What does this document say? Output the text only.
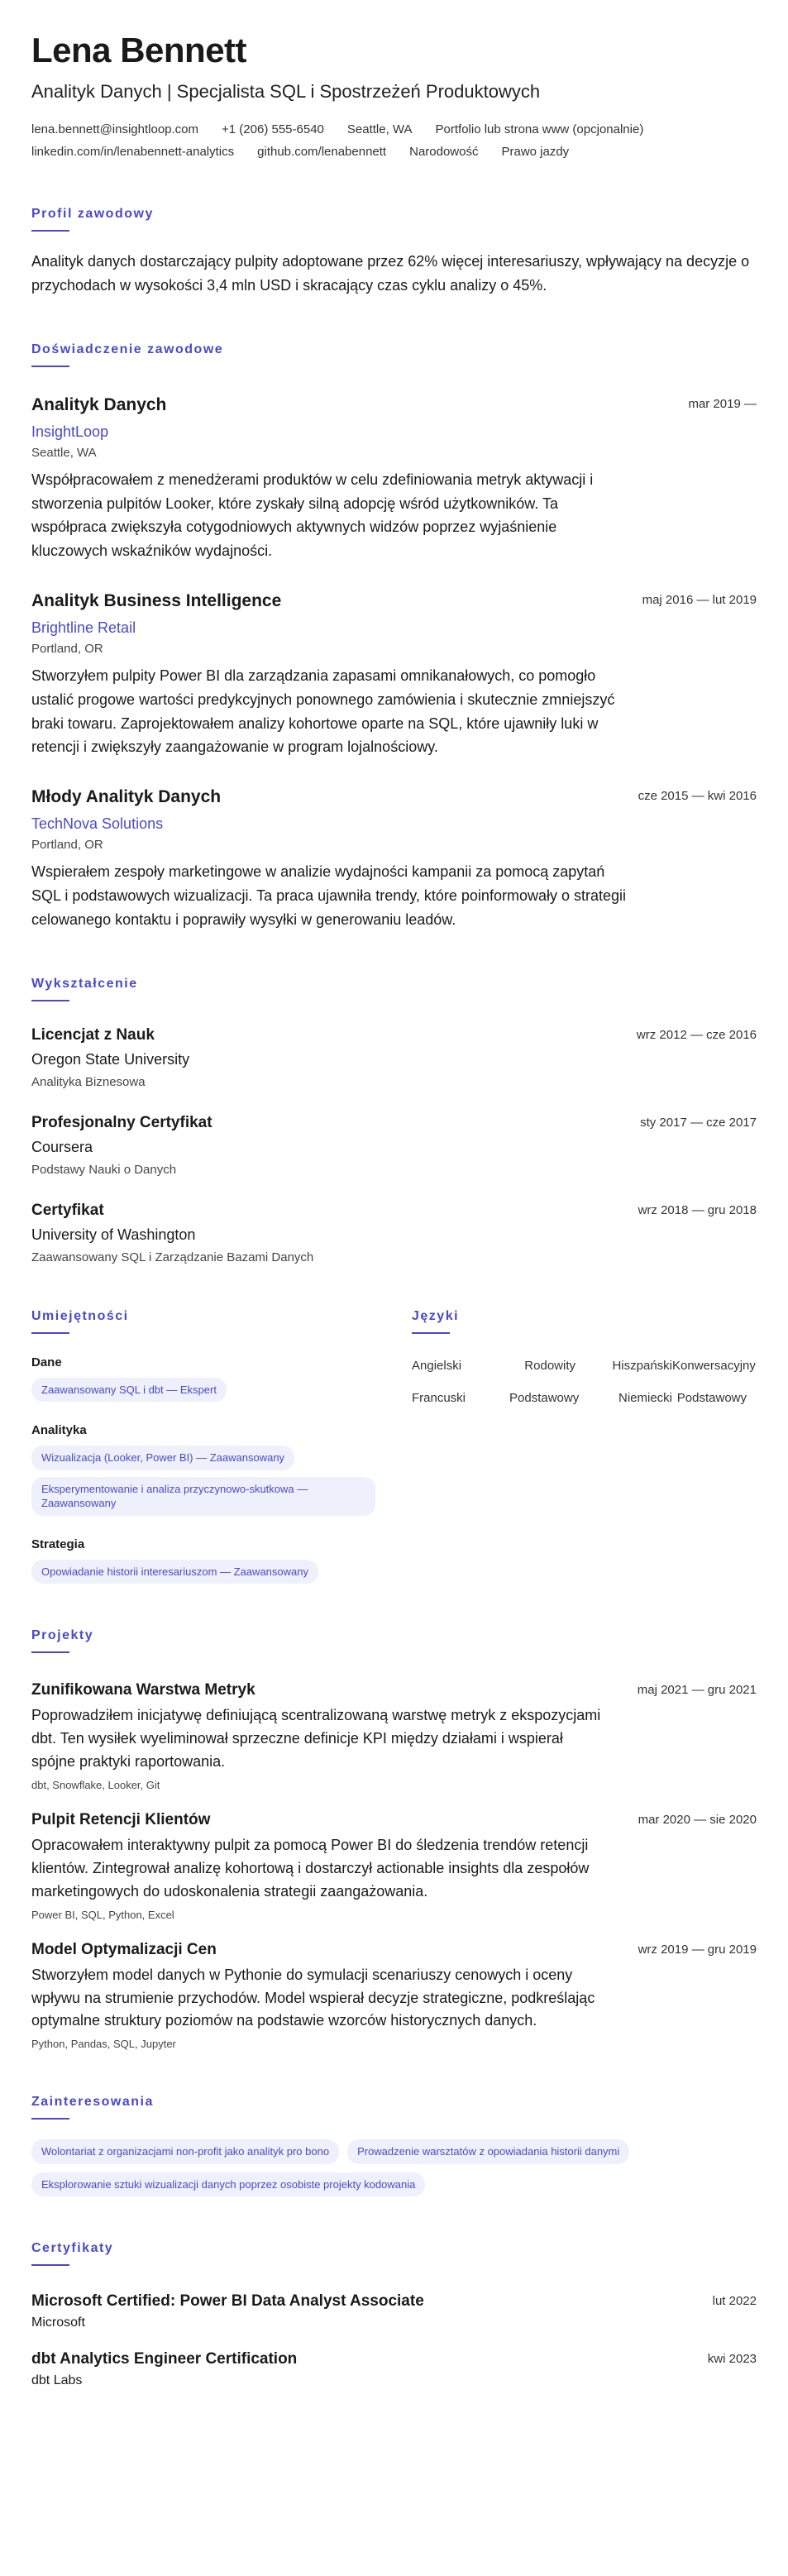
Lena Bennett
Analityk Danych | Specjalista SQL i Spostrzeżeń Produktowych
lena.bennett@insightloop.com +1 (206) 555-6540 Seattle, WA Portfolio lub strona www (opcjonalnie)
linkedin.com/in/lenabennett-analytics github.com/lenabennett Narodowość Prawo jazdy
Profil zawodowy
Analityk danych dostarczający pulpity adoptowane przez 62% więcej interesariuszy, wpływający na decyzje o przychodach w wysokości 3,4 mln USD i skracający czas cyklu analizy o 45%.
Doświadczenie zawodowe
Analityk Danych	mar 2019 —
InsightLoop
Seattle, WA
Współpracowałem z menedżerami produktów w celu zdefiniowania metryk aktywacji i stworzenia pulpitów Looker, które zyskały silną adopcję wśród użytkowników. Ta współpraca zwiększyła cotygodniowych aktywnych widzów poprzez wyjaśnienie kluczowych wskaźników wydajności.
Analityk Business Intelligence	maj 2016 — lut 2019
Brightline Retail
Portland, OR
Stworzyłem pulpity Power BI dla zarządzania zapasami omnikanałowych, co pomogło ustalić progowe wartości predykcyjnych ponownego zamówienia i skutecznie zmniejszyć braki towaru. Zaprojektowałem analizy kohortowe oparte na SQL, które ujawniły luki w retencji i zwiększyły zaangażowanie w program lojalnościowy.
Młody Analityk Danych	cze 2015 — kwi 2016
TechNova Solutions
Portland, OR
Wspierałem zespoły marketingowe w analizie wydajności kampanii za pomocą zapytań SQL i podstawowych wizualizacji. Ta praca ujawniła trendy, które poinformowały o strategii celowanego kontaktu i poprawiły wysyłki w generowaniu leadów.
Wykształcenie
Licencjat z Nauk	wrz 2012 — cze 2016
Oregon State University
Analityka Biznesowa
Profesjonalny Certyfikat	sty 2017 — cze 2017
Coursera
Podstawy Nauki o Danych
Certyfikat	wrz 2018 — gru 2018
University of Washington
Zaawansowany SQL i Zarządzanie Bazami Danych
Umiejętności
Dane
Zaawansowany SQL i dbt — Ekspert
Analityka
Wizualizacja (Looker, Power BI) — Zaawansowany
Eksperymentowanie i analiza przyczynowo-skutkowa — Zaawansowany
Strategia
Opowiadanie historii interesariuszom — Zaawansowany
Języki
Angielski	Rodowity	Hiszpański Konwersacyjny
Francuski	Podstawowy	Niemiecki Podstawowy
Projekty
Zunifikowana Warstwa Metryk	maj 2021 — gru 2021
Poprowadziłem inicjatywę definiującą scentralizowaną warstwę metryk z ekspozycjami dbt. Ten wysiłek wyeliminował sprzeczne definicje KPI między działami i wspierał spójne praktyki raportowania.
dbt, Snowflake, Looker, Git
Pulpit Retencji Klientów	mar 2020 — sie 2020
Opracowałem interaktywny pulpit za pomocą Power BI do śledzenia trendów retencji klientów. Zintegrował analizę kohortową i dostarczył actionable insights dla zespołów marketingowych do udoskonalenia strategii zaangażowania.
Power BI, SQL, Python, Excel
Model Optymalizacji Cen	wrz 2019 — gru 2019
Stworzyłem model danych w Pythonie do symulacji scenariuszy cenowych i oceny wpływu na strumienie przychodów. Model wspierał decyzje strategiczne, podkreślając optymalne struktury poziomów na podstawie wzorców historycznych danych.
Python, Pandas, SQL, Jupyter
Zainteresowania
Wolontariat z organizacjami non-profit jako analityk pro bono	Prowadzenie warsztatów z opowiadania historii danymi
Eksplorowanie sztuki wizualizacji danych poprzez osobiste projekty kodowania
Certyfikaty
Microsoft Certified: Power BI Data Analyst Associate	lut 2022
Microsoft
dbt Analytics Engineer Certification	kwi 2023
dbt Labs
